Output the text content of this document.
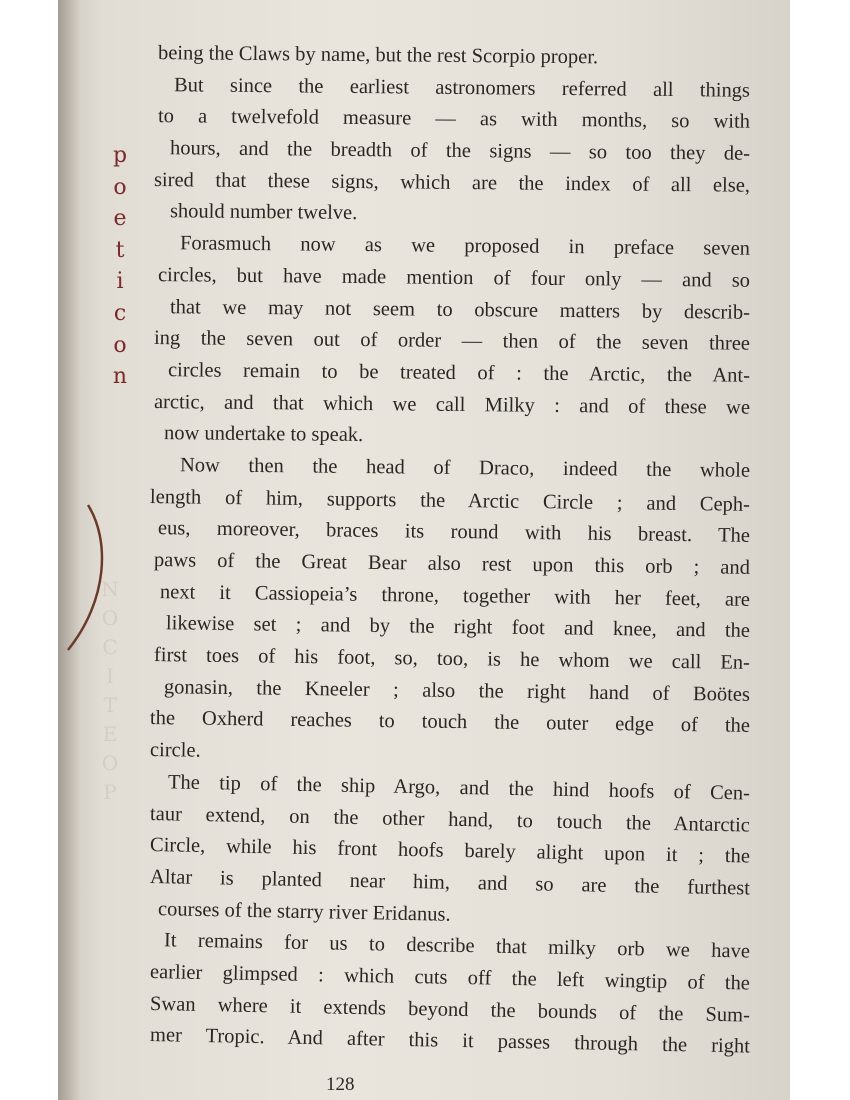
N
O
C
I
T
E
O
P
p
o
e
t
i
c
o
n
being the Claws by name, but the rest Scorpio proper.
But since the earliest astronomers referred all things
to a twelvefold measure — as with months, so with
hours, and the breadth of the signs — so too they de-
sired that these signs, which are the index of all else,
should number twelve.
Forasmuch now as we proposed in preface seven
circles, but have made mention of four only — and so
that we may not seem to obscure matters by describ-
ing the seven out of order — then of the seven three
circles remain to be treated of : the Arctic, the Ant-
arctic, and that which we call Milky : and of these we
now undertake to speak.
Now then the head of Draco, indeed the whole
length of him, supports the Arctic Circle ; and Ceph-
eus, moreover, braces its round with his breast. The
paws of the Great Bear also rest upon this orb ; and
next it Cassiopeia’s throne, together with her feet, are
likewise set ; and by the right foot and knee, and the
first toes of his foot, so, too, is he whom we call En-
gonasin, the Kneeler ; also the right hand of Boötes
the Oxherd reaches to touch the outer edge of the
circle.
The tip of the ship Argo, and the hind hoofs of Cen-
taur extend, on the other hand, to touch the Antarctic
Circle, while his front hoofs barely alight upon it ; the
Altar is planted near him, and so are the furthest
courses of the starry river Eridanus.
It remains for us to describe that milky orb we have
earlier glimpsed : which cuts off the left wingtip of the
Swan where it extends beyond the bounds of the Sum-
mer Tropic. And after this it passes through the right
128
